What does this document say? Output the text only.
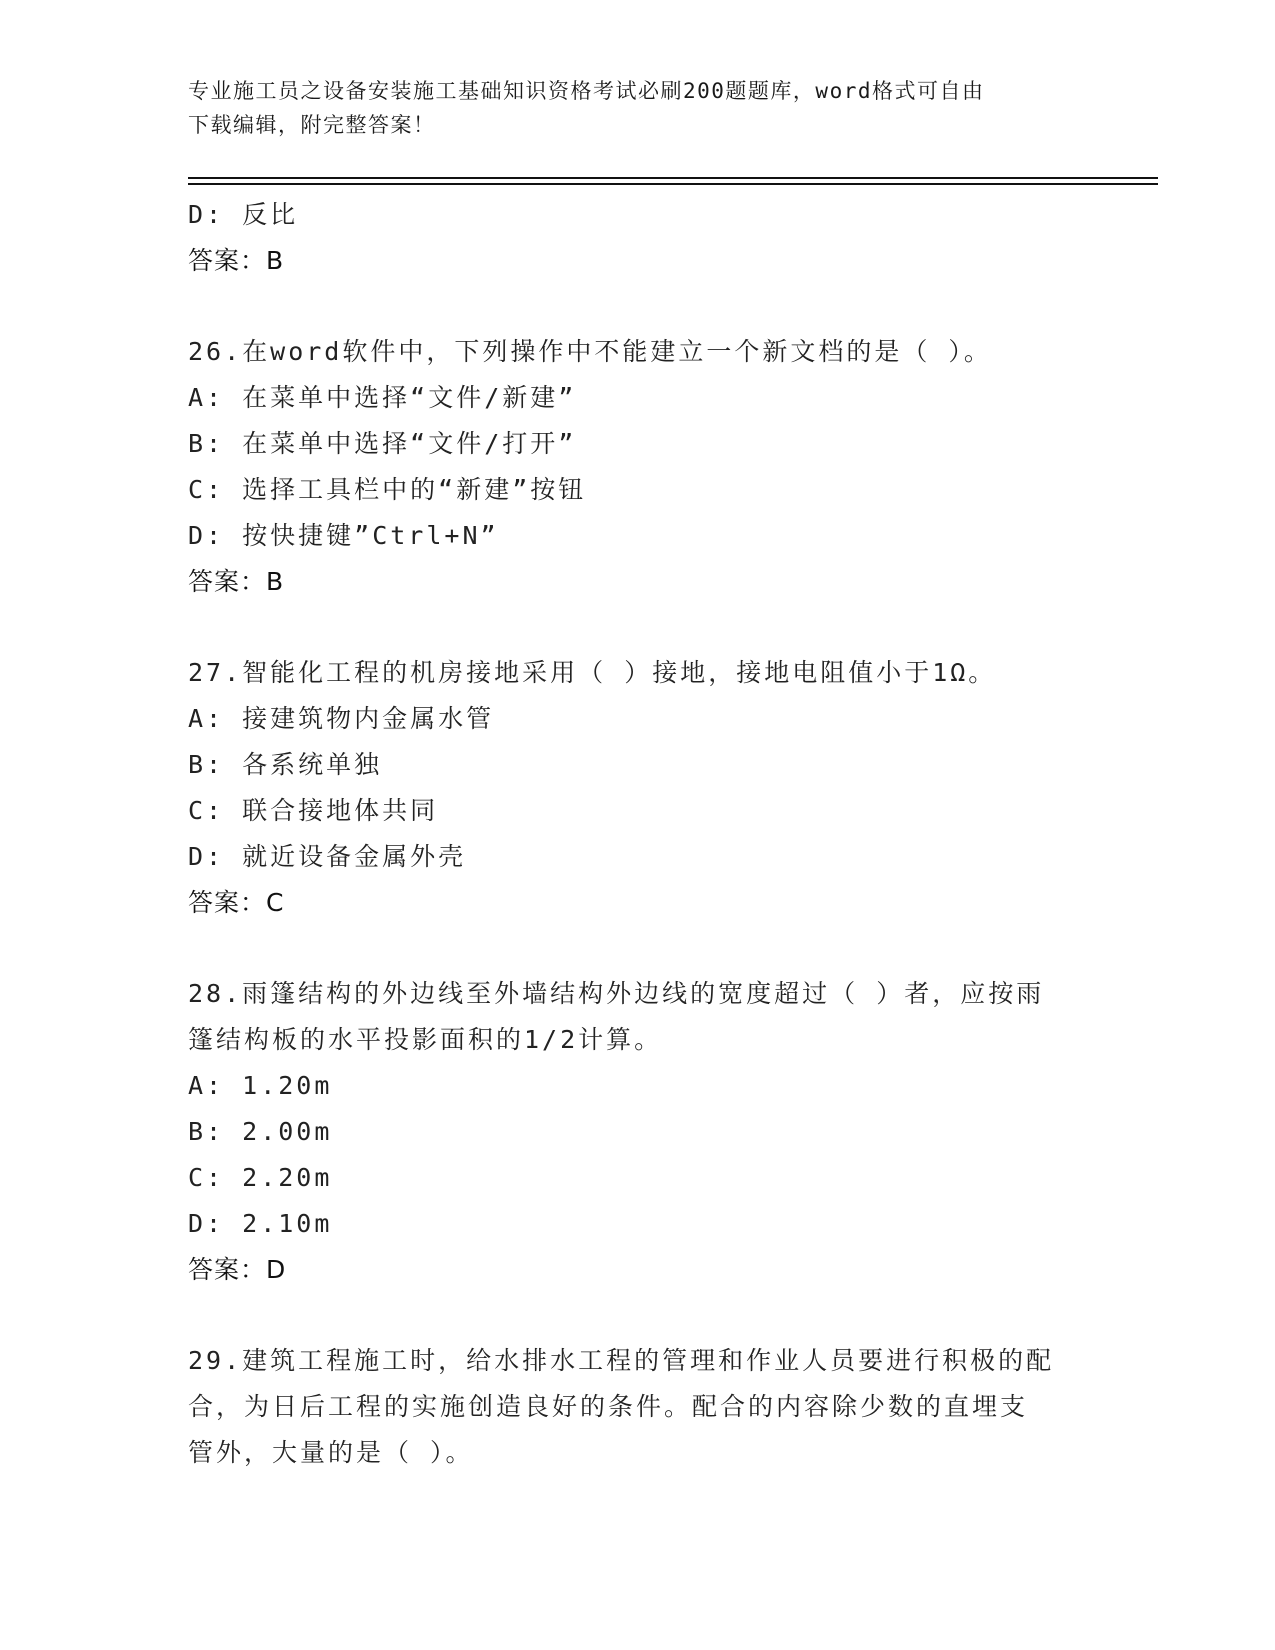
专业施工员之设备安装施工基础知识资格考试必刷200题题库，word格式可自由
下载编辑，附完整答案！
D: 反比
答案：B
26.在word软件中，下列操作中不能建立一个新文档的是（ ）。
A: 在菜单中选择“文件/新建”
B: 在菜单中选择“文件/打开”
C: 选择工具栏中的“新建”按钮
D: 按快捷键”Ctrl+N”
答案：B
27.智能化工程的机房接地采用（ ）接地，接地电阻值小于1Ω。
A: 接建筑物内金属水管
B: 各系统单独
C: 联合接地体共同
D: 就近设备金属外壳
答案：C
28.雨篷结构的外边线至外墙结构外边线的宽度超过（ ）者，应按雨
篷结构板的水平投影面积的1/2计算。
A: 1.20m
B: 2.00m
C: 2.20m
D: 2.10m
答案：D
29.建筑工程施工时，给水排水工程的管理和作业人员要进行积极的配
合，为日后工程的实施创造良好的条件。配合的内容除少数的直埋支
管外，大量的是（ ）。
